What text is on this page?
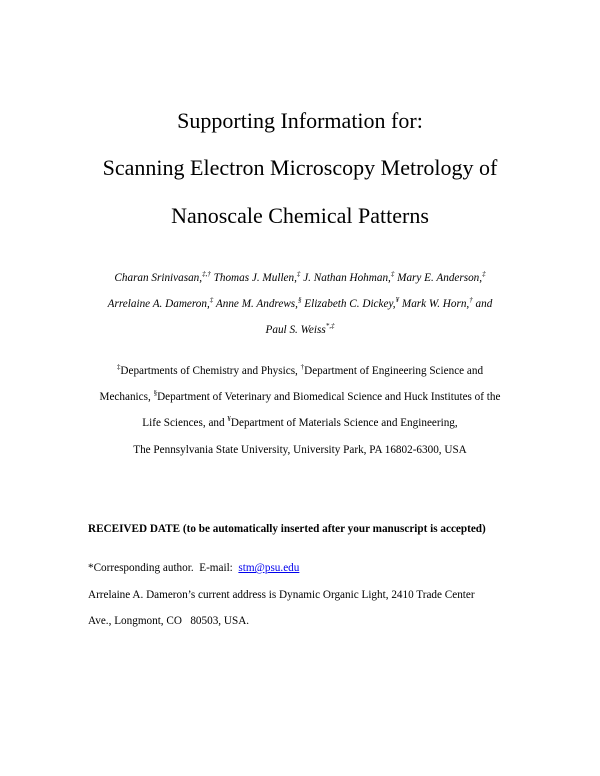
Supporting Information for:
Scanning Electron Microscopy Metrology of
Nanoscale Chemical Patterns
Charan Srinivasan,‡,† Thomas J. Mullen,‡ J. Nathan Hohman,‡ Mary E. Anderson,‡
Arrelaine A. Dameron,‡ Anne M. Andrews,§ Elizabeth C. Dickey,¥ Mark W. Horn,† and
Paul S. Weiss*,‡
‡Departments of Chemistry and Physics, †Department of Engineering Science and
Mechanics, §Department of Veterinary and Biomedical Science and Huck Institutes of the
Life Sciences, and ¥Department of Materials Science and Engineering,
The Pennsylvania State University, University Park, PA 16802-6300, USA
RECEIVED DATE (to be automatically inserted after your manuscript is accepted)
*Corresponding author.  E-mail:  stm@psu.edu
Arrelaine A. Dameron’s current address is Dynamic Organic Light, 2410 Trade Center
Ave., Longmont, CO   80503, USA.
